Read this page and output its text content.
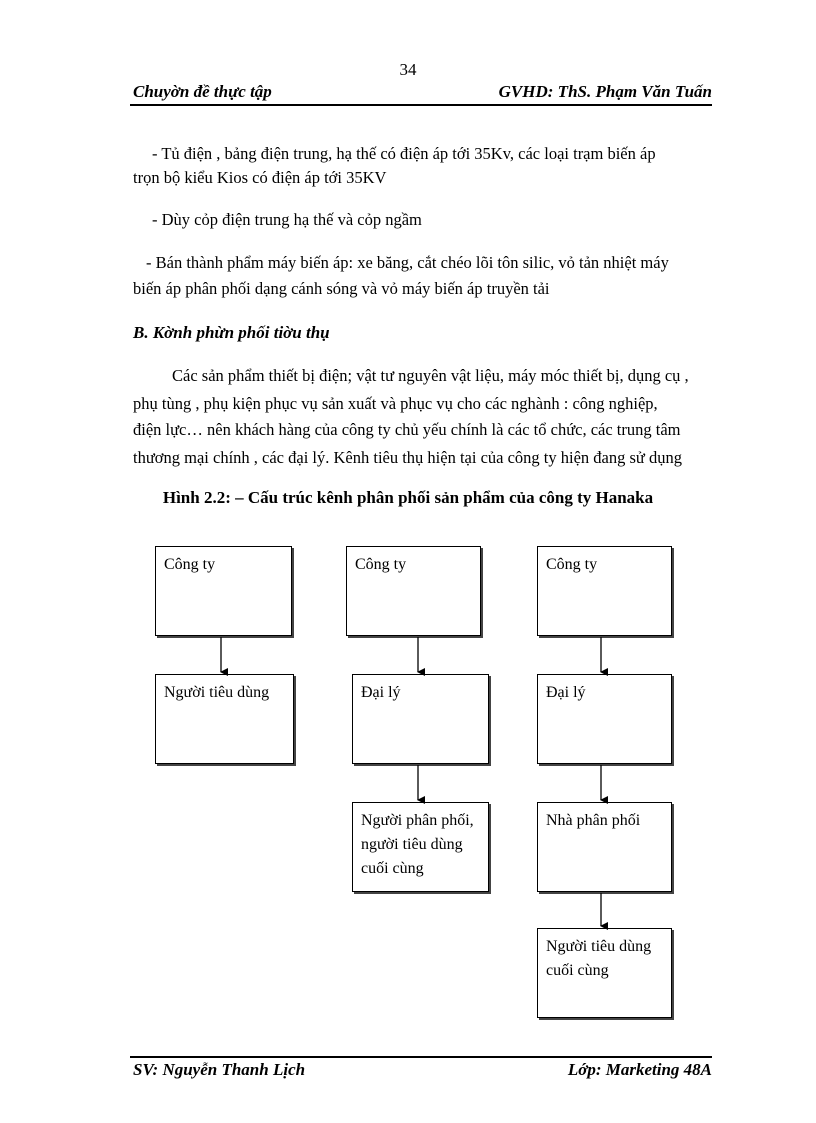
34
Chuyờn đề thực tập	GVHD: ThS. Phạm Văn Tuấn
- Tủ điện , bảng điện trung, hạ thế có điện áp tới 35Kv, các loại trạm biến áp
trọn bộ kiểu Kios có điện áp tới 35KV
- Dùy cỏp điện trung hạ thế và cỏp ngầm
- Bán thành phẩm máy biến áp: xe băng, cắt chéo lõi tôn silic, vỏ tản nhiệt máy
biến áp phân phối dạng cánh sóng và vỏ máy biến áp truyền tải
B. Kờnh phừn phối tiờu thụ
Các sản phẩm thiết bị điện; vật tư nguyên vật liệu, máy móc thiết bị, dụng cụ ,
phụ tùng , phụ kiện phục vụ sản xuất và phục vụ cho các nghành : công nghiệp,
điện lực… nên khách hàng của công ty chủ yếu chính là các tổ chức, các trung tâm
thương mại chính , các đại lý. Kênh tiêu thụ hiện tại của công ty hiện đang sử dụng
Hình 2.2: – Cấu trúc kênh phân phối sản phẩm của công ty Hanaka
Công ty
Người tiêu dùng
Công ty
Đại lý
Người phân phối, người tiêu dùng cuối cùng
Công ty
Đại lý
Nhà phân phối
Người tiêu dùng cuối cùng
SV: Nguyễn Thanh Lịch	Lớp: Marketing 48A
